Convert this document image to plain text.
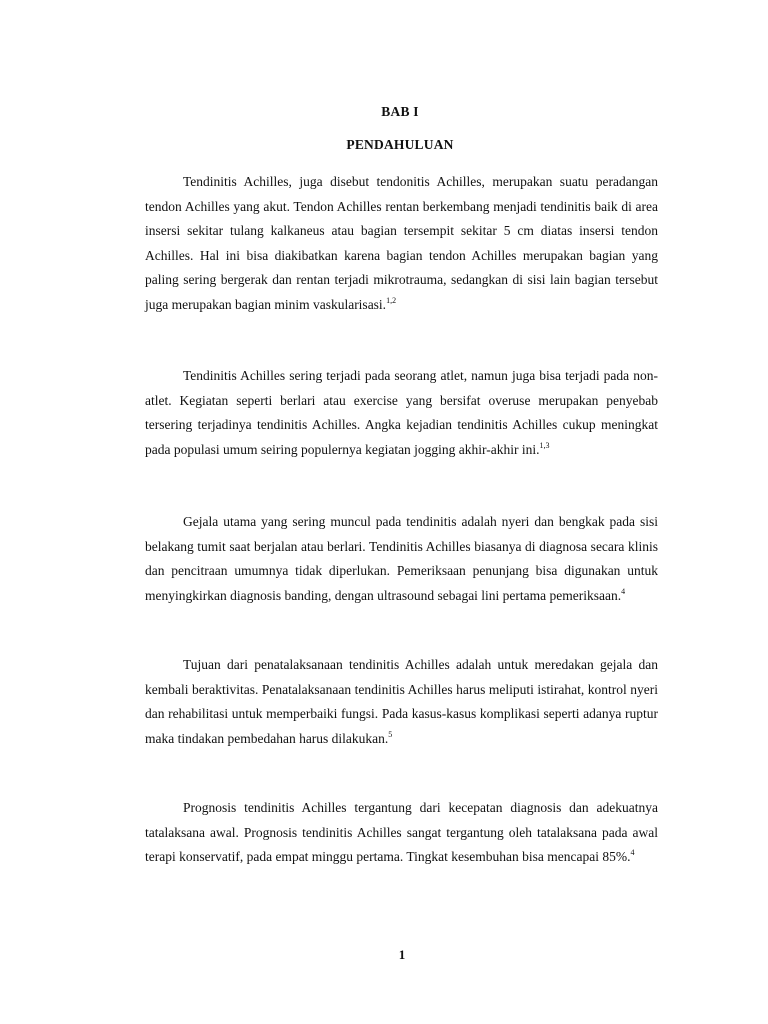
BAB I
PENDAHULUAN

Tendinitis Achilles, juga disebut tendonitis Achilles, merupakan suatu peradangan tendon Achilles yang akut. Tendon Achilles rentan berkembang menjadi tendinitis baik di area insersi sekitar tulang kalkaneus atau bagian tersempit sekitar 5 cm diatas insersi tendon Achilles. Hal ini bisa diakibatkan karena bagian tendon Achilles merupakan bagian yang paling sering bergerak dan rentan terjadi mikrotrauma, sedangkan di sisi lain bagian tersebut juga merupakan bagian minim vaskularisasi.$^{1,2}$

Tendinitis Achilles sering terjadi pada seorang atlet, namun juga bisa terjadi pada non-atlet. Kegiatan seperti berlari atau exercise yang bersifat overuse merupakan penyebab tersering terjadinya tendinitis Achilles. Angka kejadian tendinitis Achilles cukup meningkat pada populasi umum seiring populernya kegiatan jogging akhir-akhir ini.$^{1,3}$

Gejala utama yang sering muncul pada tendinitis adalah nyeri dan bengkak pada sisi belakang tumit saat berjalan atau berlari. Tendinitis Achilles biasanya di diagnosa secara klinis dan pencitraan umumnya tidak diperlukan. Pemeriksaan penunjang bisa digunakan untuk menyingkirkan diagnosis banding, dengan ultrasound sebagai lini pertama pemeriksaan.$^4$

Tujuan dari penatalaksanaan tendinitis Achilles adalah untuk meredakan gejala dan kembali beraktivitas. Penatalaksanaan tendinitis Achilles harus meliputi istirahat, kontrol nyeri dan rehabilitasi untuk memperbaiki fungsi. Pada kasus-kasus komplikasi seperti adanya ruptur maka tindakan pembedahan harus dilakukan.$^5$

Prognosis tendinitis Achilles tergantung dari kecepatan diagnosis dan adekuatnya tatalaksana awal. Prognosis tendinitis Achilles sangat tergantung oleh tatalaksana pada awal terapi konservatif, pada empat minggu pertama. Tingkat kesembuhan bisa mencapai 85%.$^4$

1
